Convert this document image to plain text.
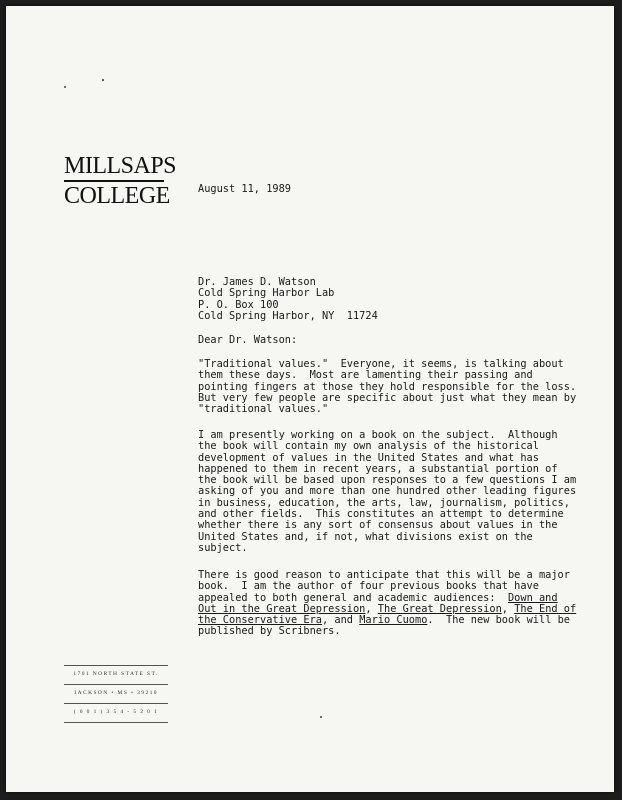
MILLSAPS
COLLEGE
1701 NORTH STATE ST.
JACKSON • MS • 39210
( 6 0 1 ) 3 5 4 - 5 2 0 1
August 11, 1989
Dr. James D. Watson
Cold Spring Harbor Lab
P. O. Box 100
Cold Spring Harbor, NY  11724
Dear Dr. Watson:
"Traditional values."  Everyone, it seems, is talking about
them these days.  Most are lamenting their passing and
pointing fingers at those they hold responsible for the loss.
But very few people are specific about just what they mean by
"traditional values."
I am presently working on a book on the subject.  Although
the book will contain my own analysis of the historical
development of values in the United States and what has
happened to them in recent years, a substantial portion of
the book will be based upon responses to a few questions I am
asking of you and more than one hundred other leading figures
in business, education, the arts, law, journalism, politics,
and other fields.  This constitutes an attempt to determine
whether there is any sort of consensus about values in the
United States and, if not, what divisions exist on the
subject.
There is good reason to anticipate that this will be a major
book.  I am the author of four previous books that have
appealed to both general and academic audiences:  Down and
Out in the Great Depression, The Great Depression, The End of
the Conservative Era, and Mario Cuomo.  The new book will be
published by Scribners.
